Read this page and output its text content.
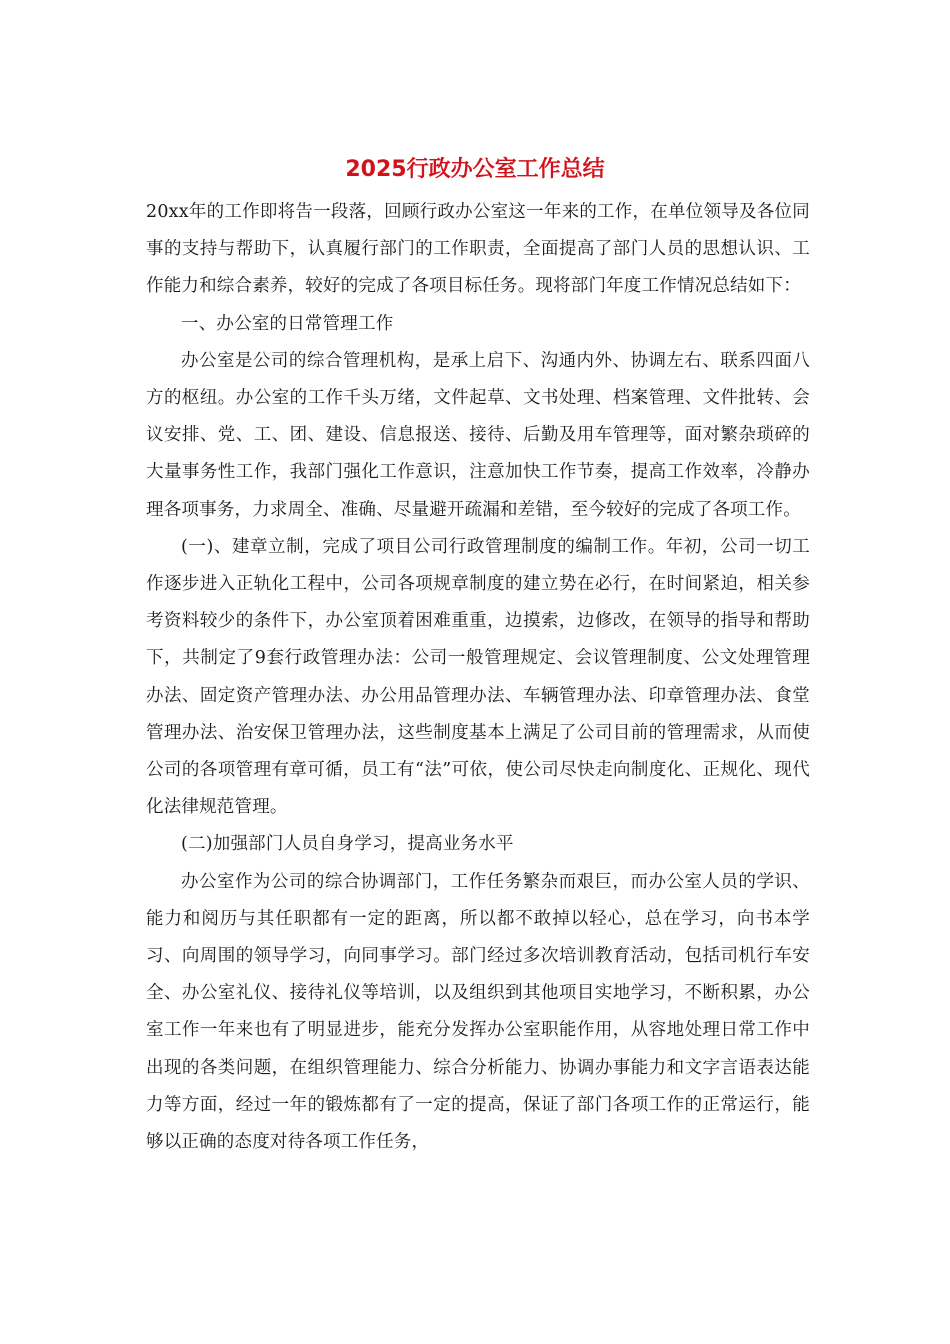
2025行政办公室工作总结

20xx年的工作即将告一段落，回顾行政办公室这一年来的工作，在单位领导及各位同事的支持与帮助下，认真履行部门的工作职责，全面提高了部门人员的思想认识、工作能力和综合素养，较好的完成了各项目标任务。现将部门年度工作情况总结如下：

一、办公室的日常管理工作

办公室是公司的综合管理机构，是承上启下、沟通内外、协调左右、联系四面八方的枢纽。办公室的工作千头万绪，文件起草、文书处理、档案管理、文件批转、会议安排、党、工、团、建设、信息报送、接待、后勤及用车管理等，面对繁杂琐碎的大量事务性工作，我部门强化工作意识，注意加快工作节奏，提高工作效率，冷静办理各项事务，力求周全、准确、尽量避开疏漏和差错，至今较好的完成了各项工作。

(一)、建章立制，完成了项目公司行政管理制度的编制工作。年初，公司一切工作逐步进入正轨化工程中，公司各项规章制度的建立势在必行，在时间紧迫，相关参考资料较少的条件下，办公室顶着困难重重，边摸索，边修改，在领导的指导和帮助下，共制定了9套行政管理办法：公司一般管理规定、会议管理制度、公文处理管理办法、固定资产管理办法、办公用品管理办法、车辆管理办法、印章管理办法、食堂管理办法、治安保卫管理办法，这些制度基本上满足了公司目前的管理需求，从而使公司的各项管理有章可循，员工有“法”可依，使公司尽快走向制度化、正规化、现代化法律规范管理。

(二)加强部门人员自身学习，提高业务水平

办公室作为公司的综合协调部门，工作任务繁杂而艰巨，而办公室人员的学识、能力和阅历与其任职都有一定的距离，所以都不敢掉以轻心，总在学习，向书本学习、向周围的领导学习，向同事学习。部门经过多次培训教育活动，包括司机行车安全、办公室礼仪、接待礼仪等培训，以及组织到其他项目实地学习，不断积累，办公室工作一年来也有了明显进步，能充分发挥办公室职能作用，从容地处理日常工作中出现的各类问题，在组织管理能力、综合分析能力、协调办事能力和文字言语表达能力等方面，经过一年的锻炼都有了一定的提高，保证了部门各项工作的正常运行，能够以正确的态度对待各项工作任务，
